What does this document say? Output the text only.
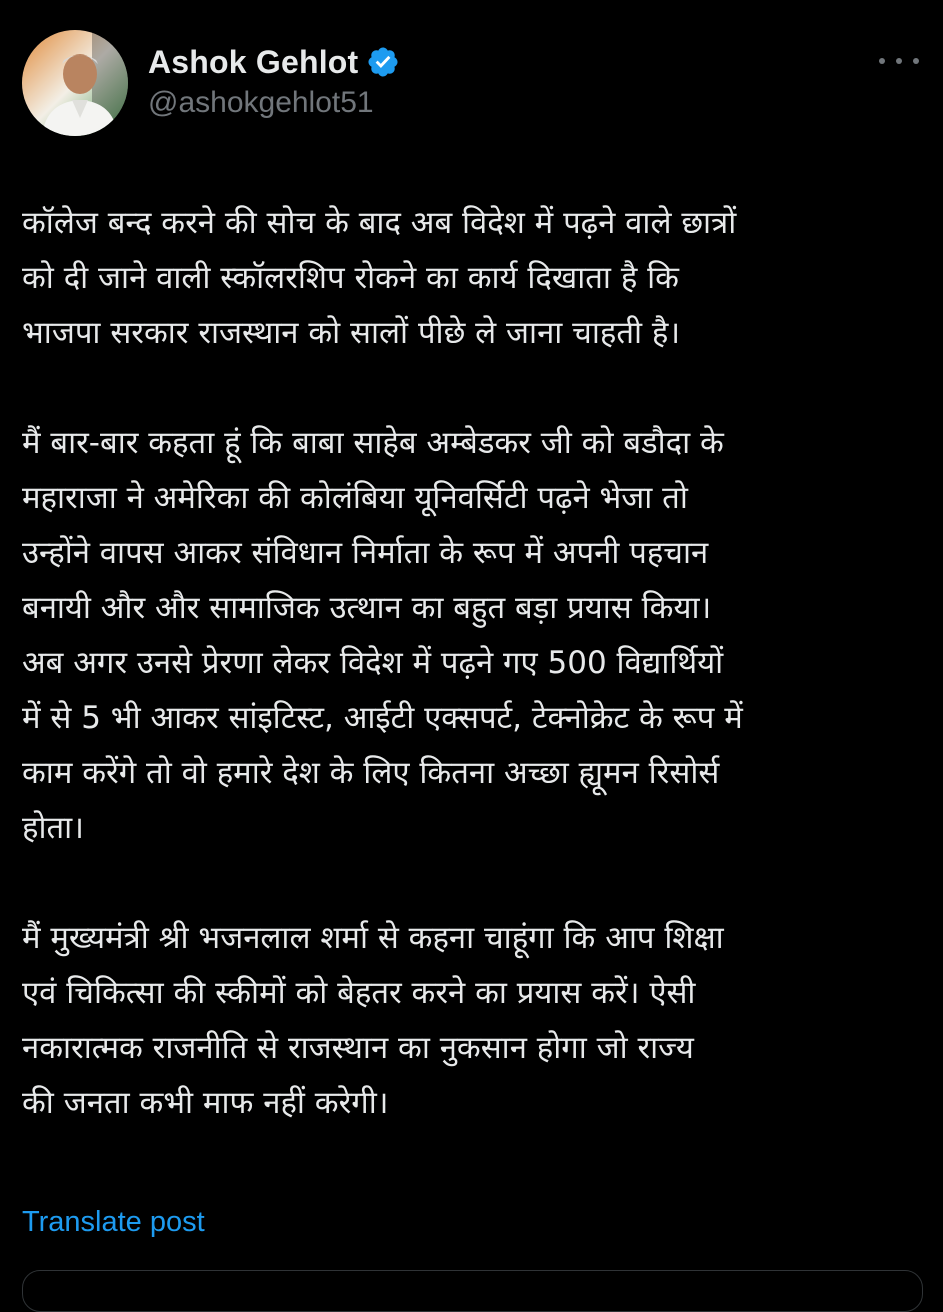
Ashok Gehlot
@ashokgehlot51

कॉलेज बन्द करने की सोच के बाद अब विदेश में पढ़ने वाले छात्रों
को दी जाने वाली स्कॉलरशिप रोकने का कार्य दिखाता है कि
भाजपा सरकार राजस्थान को सालों पीछे ले जाना चाहती है।

मैं बार-बार कहता हूं कि बाबा साहेब अम्बेडकर जी को बडौदा के
महाराजा ने अमेरिका की कोलंबिया यूनिवर्सिटी पढ़ने भेजा तो
उन्होंने वापस आकर संविधान निर्माता के रूप में अपनी पहचान
बनायी और और सामाजिक उत्थान का बहुत बड़ा प्रयास किया।
अब अगर उनसे प्रेरणा लेकर विदेश में पढ़ने गए 500 विद्यार्थियों
में से 5 भी आकर सांइटिस्ट, आईटी एक्सपर्ट, टेक्नोक्रेट के रूप में
काम करेंगे तो वो हमारे देश के लिए कितना अच्छा ह्यूमन रिसोर्स
होता।

मैं मुख्यमंत्री श्री भजनलाल शर्मा से कहना चाहूंगा कि आप शिक्षा
एवं चिकित्सा की स्कीमों को बेहतर करने का प्रयास करें। ऐसी
नकारात्मक राजनीति से राजस्थान का नुकसान होगा जो राज्य
की जनता कभी माफ नहीं करेगी।

Translate post
